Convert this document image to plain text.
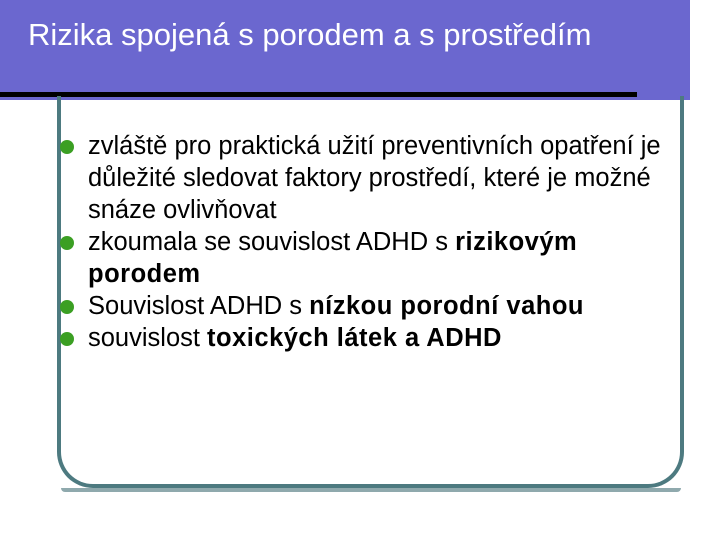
Rizika spojená s porodem a s prostředím
zvláště pro praktická užití preventivních opatření je důležité sledovat faktory prostředí, které je možné snáze ovlivňovat
zkoumala se souvislost ADHD s rizikovým porodem
Souvislost ADHD s nízkou porodní vahou
souvislost toxických látek a ADHD
